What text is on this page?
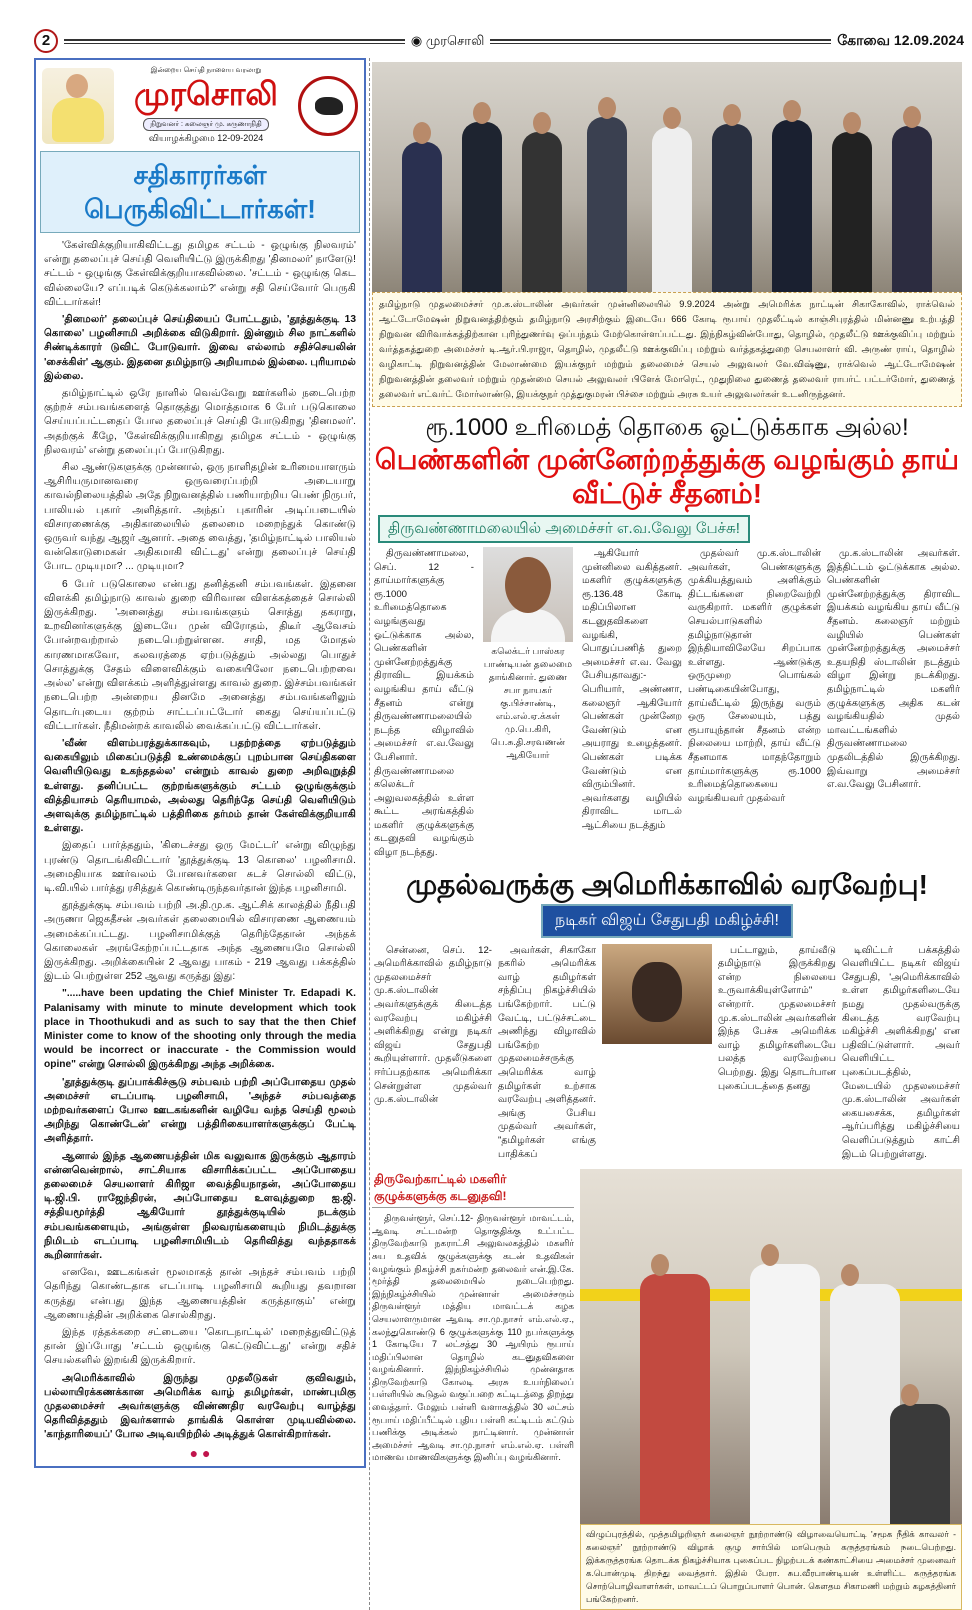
2	◉ முரசொலி	கோவை 12.09.2024
இன்றைய செய்தி நாளைய வரலாறு
முரசொலி
நிறுவனர் : கலைஞர் மு. கருணாநிதி
வியாழக்கிழமை 12-09-2024
சதிகாரர்கள் பெருகிவிட்டார்கள்!

'கேள்விக்குறியாகிவிட்டது தமிழக சட்டம் - ஒழுங்கு நிலவரம்' என்று தலைப்புச் செய்தி வெளியிட்டு இருக்கிறது 'தினமலர்' நாளேடு! சட்டம் - ஒழுங்கு கேள்விக்குறியாகவில்லை. 'சட்டம் - ஒழுங்கு கெட வில்லையே? எப்படிக் கெடுக்கலாம்?' என்று சதி செய்வோர் பெருகி விட்டார்கள்!

'தினமலர்' தலைப்புச் செய்தியைப் போட்டதும், 'தூத்துக்குடி 13 கொலை' பழனிசாமி அறிக்கை விடுகிறார். இன்னும் சில நாட்களில் சிண்டிக்காரர் டுவிட் போடுவார். இவை எல்லாம் சதிச்செயலின் 'சைக்கிள்' ஆகும். இதனை தமிழ்நாடு அறியாமல் இல்லை. புரியாமல் இல்லை.

தமிழ்நாட்டில் ஒரே நாளில் வெவ்வேறு ஊர்களில் நடைபெற்ற குற்றச் சம்பவங்களைத் தொகுத்து மொத்தமாக 6 பேர் படுகொலை செய்யப்பட்டதைப் போல தலைப்புச் செய்தி போடுகிறது 'தினமலர்'. அதற்குக் கீழே, 'கேள்விக்குறியாகிறது தமிழக சட்டம் - ஒழுங்கு நிலவரம்' என்று தலைப்புப் போடுகிறது.

சில ஆண்டுகளுக்கு முன்னால், ஒரு நாளிதழின் உரிமையாளரும் ஆசிரியருமானவரை ஒருவரைப்பற்றி அடையாறு காவல்நிலையத்தில் அதே நிறுவனத்தில் பணியாற்றிய பெண் நிருபர், பாலியல் புகார் அளித்தார். அந்தப் புகாரின் அடிப்படையில் விசாரணைக்கு அதிகாலையில் தலைமை மறைந்துக் கொண்டு ஒருவர் வந்து ஆஜர் ஆனார். அதை வைத்து, 'தமிழ்நாட்டில் பாலியல் வன்கொடுமைகள் அதிகமாகி விட்டது' என்று தலைப்புச் செய்தி போட முடியுமா? ... முடியுமா?

6 பேர் படுகொலை என்பது தனித்தனி சம்பவங்கள். இதனை விளக்கி தமிழ்நாடு காவல் துறை விரிவான விளக்கத்தைச் சொல்லி இருக்கிறது. 'அனைத்து சம்பவங்களும் சொத்து தகராறு, உறவினர்களுக்கு இடையே முன் விரோதம், திடீர் ஆவேசம் போன்றவற்றால் நடைபெற்றுள்ளன. சாதி, மத மோதல் காரணமாகவோ, கலவரத்தை ஏற்படுத்தும் அல்லது பொதுச் சொத்துக்கு சேதம் விளைவிக்கும் வகையிலோ நடைபெற்றவை அல்ல' என்று விளக்கம் அளித்துள்ளது காவல் துறை. இச்சம்பவங்கள் நடைபெற்ற அன்றைய தினமே அனைத்து சம்பவங்களிலும் தொடர்புடைய குற்றம் சாட்டப்பட்டோர் கைது செய்யப்பட்டு விட்டார்கள். நீதிமன்றக் காவலில் வைக்கப்பட்டு விட்டார்கள்.

'வீண் விளம்பரத்துக்காகவும், பதற்றத்தை ஏற்படுத்தும் வகையிலும் மிகைப்படுத்தி உண்மைக்குப் புறம்பான செய்திகளை வெளியிடுவது உகந்ததல்ல' என்றும் காவல் துறை அறிவுறுத்தி உள்ளது. தனிப்பட்ட குற்றங்களுக்கும் சட்டம் ஒழுங்குக்கும் வித்தியாசம் தெரியாமல், அல்லது தெரிந்தே செய்தி வெளியிடும் அளவுக்கு தமிழ்நாட்டில் பத்திரிகை தர்மம் தான் கேள்விக்குறியாகி உள்ளது.

இதைப் பார்த்ததும், 'கிடைச்சது ஒரு மேட்டர்' என்று விழுந்து புரண்டு தொடங்கிவிட்டார் 'தூத்துக்குடி 13 கொலை' பழனிசாமி. அமைதியாக ஊர்வலம் போனவர்களை சுடச் சொல்லி விட்டு, டி.வி.யில் பார்த்து ரசித்துக் கொண்டிருந்தவர்தான் இந்த பழனிசாமி.

தூத்துக்குடி சம்பவம் பற்றி அ.தி.மு.க. ஆட்சிக் காலத்தில் நீதிபதி அருணா ஜெகதீசன் அவர்கள் தலைமையில் விசாரணை ஆணையம் அமைக்கப்பட்டது. பழனிசாமிக்குத் தெரிந்தேதான் அந்தக் கொலைகள் அரங்கேற்றப்பட்டதாக அந்த ஆணையமே சொல்லி இருக்கிறது. அறிக்கையின் 2 ஆவது பாகம் - 219 ஆவது பக்கத்தில் இடம் பெற்றுள்ள 252 ஆவது கருத்து இது:

".....have been updating the Chief Minister Tr. Edapadi K. Palanisamy with minute to minute development which took place in Thoothukudi and as such to say that the then Chief Minister come to know of the shooting only through the media would be incorrect or inaccurate - the Commission would opine" என்று சொல்லி இருக்கிறது அந்த அறிக்கை.

'தூத்துக்குடி துப்பாக்கிச்சூடு சம்பவம் பற்றி அப்போதைய முதல் அமைச்சர் எடப்பாடி பழனிசாமி, 'அந்தச் சம்பவத்தை மற்றவர்களைப் போல ஊடகங்களின் வழியே வந்த செய்தி மூலம் அறிந்து கொண்டேன்' என்று பத்திரிகையாளர்களுக்குப் பேட்டி அளித்தார்.

ஆனால் இந்த ஆணையத்தின் மிக வலுவாக இருக்கும் ஆதாரம் என்னவென்றால், சாட்சியாக விசாரிக்கப்பட்ட அப்போதைய தலைமைச் செயலாளர் கிரிஜா வைத்தியநாதன், அப்போதைய டி.ஜி.பி. ராஜேந்திரன், அப்போதைய உளவுத்துறை ஐ.ஜி. சத்தியமூர்த்தி ஆகியோர் தூத்துக்குடியில் நடக்கும் சம்பவங்களையும், அங்குள்ள நிலவரங்களையும் நிமிடத்துக்கு நிமிடம் எடப்பாடி பழனிசாமியிடம் தெரிவித்து வந்ததாகக் கூறினார்கள்.

எனவே, ஊடகங்கள் மூலமாகத் தான் அந்தச் சம்பவம் பற்றி தெரிந்து கொண்டதாக எடப்பாடி பழனிசாமி கூறியது தவறான கருத்து என்பது இந்த ஆணையத்தின் கருத்தாகும்' என்று ஆணையத்தின் அறிக்கை சொல்கிறது.

இந்த ரத்தக்கறை சட்டையை 'கொடநாட்டில்' மறைத்துவிட்டுத் தான் இப்போது 'சட்டம் ஒழுங்கு கெட்டுவிட்டது' என்று சதிச் செயல்களில் இறங்கி இருக்கிறார்.

அமெரிக்காவில் இருந்து முதலீடுகள் குவிவதும், பல்லாயிரக்கணக்கான அமெரிக்க வாழ் தமிழர்கள், மாண்புமிகு முதலமைச்சர் அவர்களுக்கு விண்ணதிர வரவேற்பு வாழ்த்து தெரிவித்ததும் இவர்களால் தாங்கிக் கொள்ள முடியவில்லை. 'காந்தாரியைப்' போல அடிவயிற்றில் அடித்துக் கொள்கிறார்கள்.

● ●
தமிழ்நாடு முதலமைச்சர் மு.க.ஸ்டாலின் அவர்கள் முன்னிலையில் 9.9.2024 அன்று அமெரிக்க நாட்டின் சிகாகோவில், ராக்வெல் ஆட்டோமேஷன் நிறுவனத்திற்கும் தமிழ்நாடு அரசிற்கும் இடையே 666 கோடி ரூபாய் முதலீட்டில் காஞ்சிபுரத்தில் மின்னணு உற்பத்தி நிறுவன விரிவாக்கத்திற்கான புரிந்துணர்வு ஒப்பந்தம் மேற்கொள்ளப்பட்டது. இந்நிகழ்வின்போது, தொழில், முதலீட்டு ஊக்குவிப்பு மற்றும் வர்த்தகத்துறை அமைச்சர் டி.ஆர்.பி.ராஜா, தொழில், முதலீட்டு ஊக்குவிப்பு மற்றும் வர்த்தகத்துறை செயலாளர் வி. அருண் ராய், தொழில் வழிகாட்டி நிறுவனத்தின் மேலாண்மை இயக்குநர் மற்றும் தலைமைச் செயல் அலுவலர் வே.விஷ்ணு, ராக்வெல் ஆட்டோமேஷன் நிறுவனத்தின் தலைவர் மற்றும் முதன்மை செயல் அலுவலர் பிளேக் மோரெட், முதுநிலை துணைத் தலைவர் ராபர்ட் பட்டர்மோர், துணைத் தலைவர் எட்வர்ட் மோர்லாண்டு, இயக்குநர் முத்துகுமரன் பிச்சை மற்றும் அரசு உயர் அலுவலர்கள் உடனிருந்தனர்.
ரூ.1000 உரிமைத் தொகை ஓட்டுக்காக அல்ல!
பெண்களின் முன்னேற்றத்துக்கு வழங்கும் தாய் வீட்டுச் சீதனம்!
திருவண்ணாமலையில் அமைச்சர் எ.வ.வேலு பேச்சு!
திருவண்ணாமலை, செப். 12 - தாய்மார்களுக்கு ரூ.1000 உரிமைத்தொகை வழங்குவது ஓட்டுக்காக அல்ல, பெண்களின் முன்னேற்றத்துக்கு திராவிட இயக்கம் வழங்கிய தாய் வீட்டு சீதனம் என்று திருவண்ணாமலையில் நடந்த விழாவில் அமைச்சர் எ.வ.வேலு பேசினார். திருவண்ணாமலை கலெக்டர் அலுவலகத்தில் உள்ள கூட்ட அரங்கத்தில் மகளிர் குழுக்களுக்கு கடனுதவி வழங்கும் விழா நடந்தது.
கலெக்டர் பாஸ்கர பாண்டியன் தலைமை தாங்கினார். துணை சபா நாயகர் கு.பிச்சாண்டி, எம்.எல்.ஏ.க்கள் மு.பெ.கிரி, பெ.சு.தி.சரவணன் ஆகியோர்
ஆகியோர் முன்னிலை வகித்தனர். மகளிர் குழுக்களுக்கு ரூ.136.48 கோடி மதிப்பிலான கடனுதவிகளை வழங்கி, பொதுப்பணித் துறை அமைச்சர் எ.வ. வேலு பேசியதாவது:- பெரியார், அண்ணா, கலைஞர் ஆகியோர் பெண்கள் முன்னேற வேண்டும் என அயராது உழைத்தனர். பெண்கள் படிக்க வேண்டும் என விரும்பினர். அவர்களது வழியில் திராவிட மாடல் ஆட்சியை நடத்தும்
முதல்வர் மு.க.ஸ்டாலின் அவர்கள், பெண்களுக்கு முக்கியத்துவம் அளிக்கும் திட்டங்களை நிறைவேற்றி வருகிறார். மகளிர் குழுக்கள் செயல்பாடுகளில் தமிழ்நாடுதான் இந்தியாவிலேயே சிறப்பாக உள்ளது. ஆண்டுக்கு ஒருமுறை பொங்கல் பண்டிகையின்போது, தாய்வீட்டில் இருந்து வரும் ஒரு சேலையும், பத்து ரூபாயுந்தான் சீதனம் என்ற நிலையை மாற்றி, தாய் வீட்டு சீதனமாக மாதந்தோறும் தாய்மார்களுக்கு ரூ.1000 உரிமைத்தொகையை வழங்கியவர் முதல்வர்
மு.க.ஸ்டாலின் அவர்கள். இத்திட்டம் ஓட்டுக்காக அல்ல. பெண்களின் முன்னேற்றத்துக்கு திராவிட இயக்கம் வழங்கிய தாய் வீட்டு சீதனம். கலைஞர் மற்றும் வழியில் பெண்கள் முன்னேற்றத்துக்கு அமைச்சர் உதயநிதி ஸ்டாலின் நடத்தும் விழா இன்று நடக்கிறது. தமிழ்நாட்டில் மகளிர் குழுக்களுக்கு அதிக கடன் வழங்கியதில் முதல் மாவட்டங்களில் திருவண்ணாமலை முதலிடத்தில் இருக்கிறது. இவ்வாறு அமைச்சர் எ.வ.வேலு பேசினார்.
முதல்வருக்கு அமெரிக்காவில் வரவேற்பு!
நடிகர் விஜய் சேதுபதி மகிழ்ச்சி!
சென்னை, செப். 12- அமெரிக்காவில் தமிழ்நாடு முதலமைச்சர் மு.க.ஸ்டாலின் அவர்களுக்குக் கிடைத்த வரவேற்பு மகிழ்ச்சி அளிக்கிறது என்று நடிகர் விஜய் சேதுபதி கூறியுள்ளார். முதலீடுகளை ஈர்ப்பதற்காக அமெரிக்கா சென்றுள்ள முதல்வர் மு.க.ஸ்டாலின்
அவர்கள், சிகாகோ நகரில் அமெரிக்க வாழ் தமிழர்கள் சந்திப்பு நிகழ்ச்சியில் பங்கேற்றார். பட்டு வேட்டி, பட்டுச்சட்டை அணிந்து விழாவில் பங்கேற்ற முதலமைச்சருக்கு அமெரிக்க வாழ் தமிழர்கள் உற்சாக வரவேற்பு அளித்தனர். அங்கு பேசிய முதல்வர் அவர்கள், "தமிழர்கள் எங்கு பாதிக்கப்
பட்டாலும், தாய்வீடு தமிழ்நாடு இருக்கிறது என்ற நிலையை உருவாக்கியுள்ளோம்" என்றார். முதலமைச்சர் மு.க.ஸ்டாலின் அவர்களின் இந்த பேச்சு அமெரிக்க வாழ் தமிழர்களிடையே பலத்த வரவேற்பை பெற்றது. இது தொடர்பான புகைப்படத்தை தனது
டிவிட்டர் பக்கத்தில் வெளியிட்ட நடிகர் விஜய் சேதுபதி, 'அமெரிக்காவில் உள்ள தமிழர்களிடையே நமது முதல்வருக்கு கிடைத்த வரவேற்பு மகிழ்ச்சி அளிக்கிறது' என பதிவிட்டுள்ளார். அவர் வெளியிட்ட புகைப்படத்தில், மேடையில் முதலமைச்சர் மு.க.ஸ்டாலின் அவர்கள் கையசைக்க, தமிழர்கள் ஆர்ப்பரித்து மகிழ்ச்சியை வெளிப்படுத்தும் காட்சி இடம் பெற்றுள்ளது.
திருவேற்காட்டில் மகளிர் குழுக்களுக்கு கடனுதவி!
திருவள்ளூர், செப்.12- திருவள்ளூர் மாவட்டம், ஆவடி சட்டமன்ற தொகுதிக்கு உட்பட்ட திருவேற்காடு நகராட்சி அலுவலகத்தில் மகளிர் சுய உதவிக் குழுக்களுக்கு கடன் உதவிகள் வழங்கும் நிகழ்ச்சி நகர்மன்ற தலைவர் என்.இ.கே. மூர்த்தி தலைமையில் நடைபெற்றது. இந்நிகழ்ச்சியில் முன்னாள் அமைச்சரும் திருவள்ளூர் மத்திய மாவட்டக் கழக செயலாளருமான ஆவடி சா.மு.நாசர் எம்.எல்.ஏ., கலந்துகொண்டு 6 குழுக்களுக்கு 110 நபர்களுக்கு 1 கோடியே 7 லட்சத்து 30 ஆயிரம் ரூபாய் மதிப்பிலான தொழில் கடனுதவிகளை வழங்கினார். இந்நிகழ்ச்சியில் முன்னதாக திருவேற்காடு கோலடி அரசு உயர்நிலைப் பள்ளியில் கூடுதல் வகுப்பறை கட்டிடத்தை திறந்து வைத்தார். மேலும் பள்ளி வளாகத்தில் 30 லட்சம் ரூபாய் மதிப்பீட்டில் புதிய பள்ளி கட்டிடம் கட்டும் பணிக்கு அடிக்கல் நாட்டினார். முன்னாள் அமைச்சர் ஆவடி சா.மு.நாசர் எம்.எல்.ஏ. பள்ளி மாணவ மாணவிகளுக்கு இனிப்பு வழங்கினார்.
விழுப்புரத்தில், முத்தமிழறிஞர் கலைஞர் நூற்றாண்டு விழாவையொட்டி 'சமூக நீதிக் காவலர் - கலைஞர்' நூற்றாண்டு விழாக் குழு சார்பில் மாபெரும் கருத்தரங்கம் நடைபெற்றது. இக்கருத்தரங்க தொடக்க நிகழ்ச்சியாக புகைப்பட நிழற்படக் கண்காட்சியை அமைச்சர் முனைவர் க.பொன்முடி திறந்து வைத்தார். இதில் பேரா. சுப.வீரபாண்டியன் உள்ளிட்ட கருத்தரங்க சொற்பொழிவாளர்கள், மாவட்டப் பொறுப்பாளர் பொன். கௌதம சிகாமணி மற்றும் கழகத்தினர் பங்கேற்றனர்.
